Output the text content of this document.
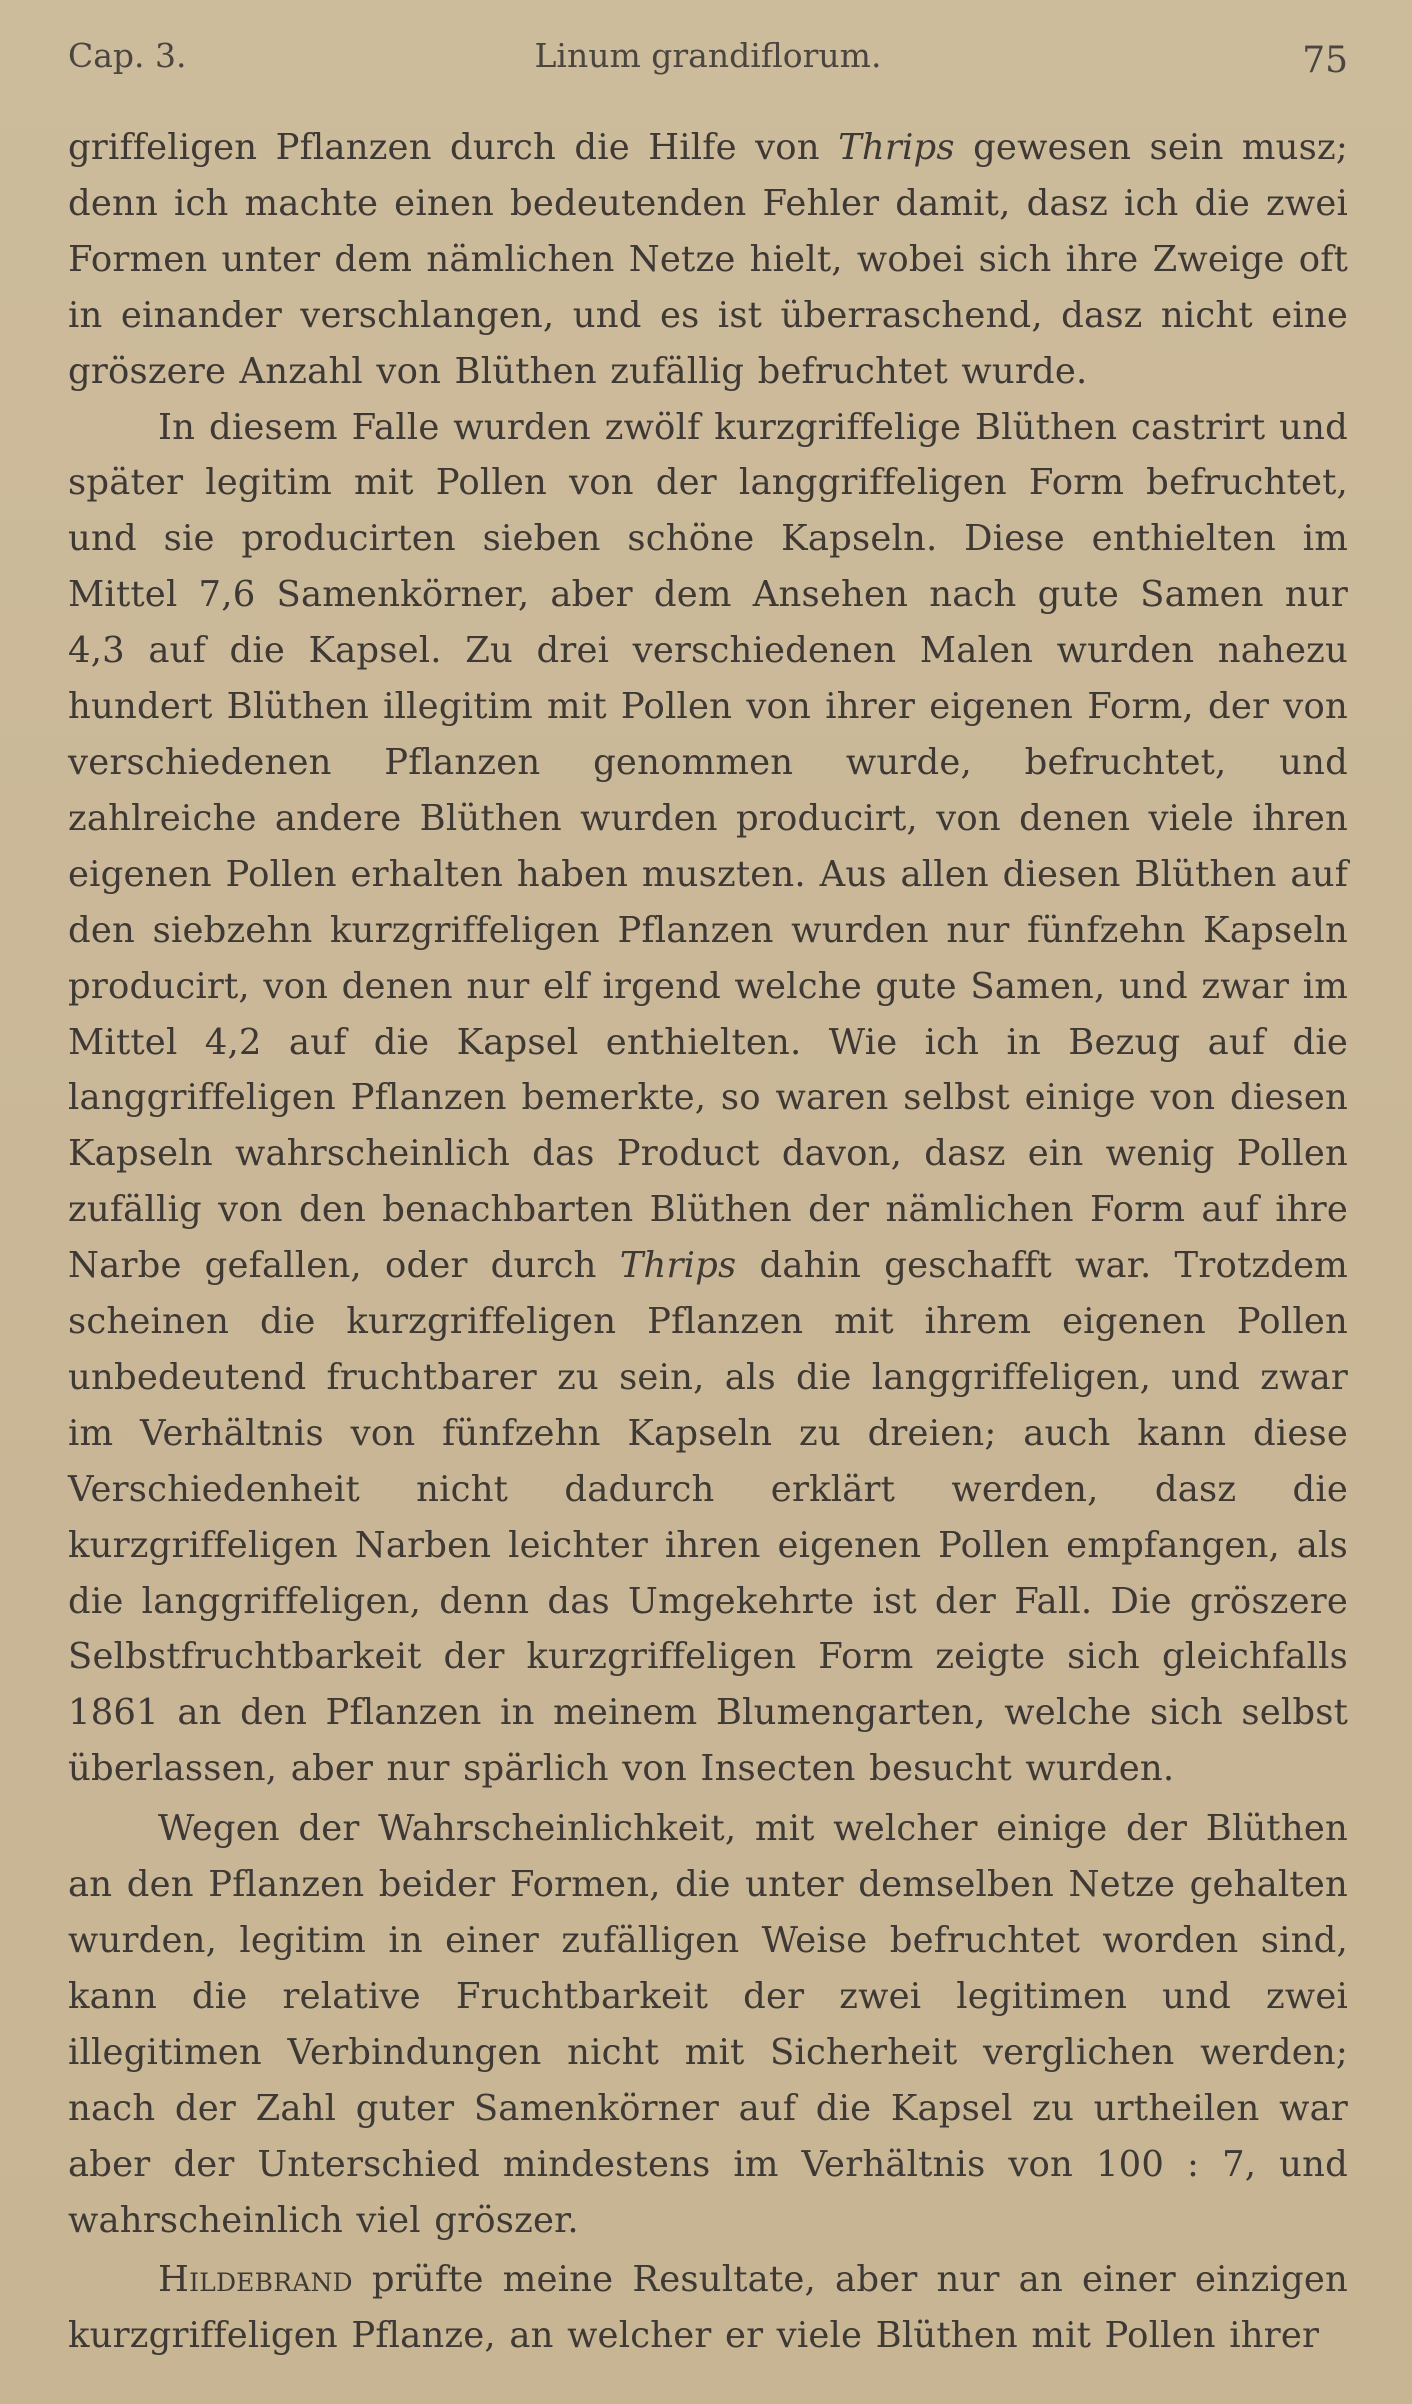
Cap. 3.	Linum grandiflorum.	75

griffeligen Pflanzen durch die Hilfe von Thrips gewesen sein musz; denn ich machte einen bedeutenden Fehler damit, dasz ich die zwei Formen unter dem nämlichen Netze hielt, wobei sich ihre Zweige oft in einander verschlangen, und es ist überraschend, dasz nicht eine gröszere Anzahl von Blüthen zufällig befruchtet wurde.

In diesem Falle wurden zwölf kurzgriffelige Blüthen castrirt und später legitim mit Pollen von der langgriffeligen Form befruchtet, und sie producirten sieben schöne Kapseln. Diese enthielten im Mittel 7,6 Samenkörner, aber dem Ansehen nach gute Samen nur 4,3 auf die Kapsel. Zu drei verschiedenen Malen wurden nahezu hundert Blüthen illegitim mit Pollen von ihrer eigenen Form, der von verschiedenen Pflanzen genommen wurde, befruchtet, und zahlreiche andere Blüthen wurden producirt, von denen viele ihren eigenen Pollen erhalten haben muszten. Aus allen diesen Blüthen auf den siebzehn kurzgriffeligen Pflanzen wurden nur fünfzehn Kapseln producirt, von denen nur elf irgend welche gute Samen, und zwar im Mittel 4,2 auf die Kapsel enthielten. Wie ich in Bezug auf die langgriffeligen Pflanzen bemerkte, so waren selbst einige von diesen Kapseln wahrscheinlich das Product davon, dasz ein wenig Pollen zufällig von den benachbarten Blüthen der nämlichen Form auf ihre Narbe gefallen, oder durch Thrips dahin geschafft war. Trotzdem scheinen die kurzgriffeligen Pflanzen mit ihrem eigenen Pollen unbedeutend fruchtbarer zu sein, als die langgriffeligen, und zwar im Verhältnis von fünfzehn Kapseln zu dreien; auch kann diese Verschiedenheit nicht dadurch erklärt werden, dasz die kurzgriffeligen Narben leichter ihren eigenen Pollen empfangen, als die langgriffeligen, denn das Umgekehrte ist der Fall. Die gröszere Selbstfruchtbarkeit der kurzgriffeligen Form zeigte sich gleichfalls 1861 an den Pflanzen in meinem Blumengarten, welche sich selbst überlassen, aber nur spärlich von Insecten besucht wurden.

Wegen der Wahrscheinlichkeit, mit welcher einige der Blüthen an den Pflanzen beider Formen, die unter demselben Netze gehalten wurden, legitim in einer zufälligen Weise befruchtet worden sind, kann die relative Fruchtbarkeit der zwei legitimen und zwei illegitimen Verbindungen nicht mit Sicherheit verglichen werden; nach der Zahl guter Samenkörner auf die Kapsel zu urtheilen war aber der Unterschied mindestens im Verhältnis von 100 : 7, und wahrscheinlich viel gröszer.

Hildebrand prüfte meine Resultate, aber nur an einer einzigen kurzgriffeligen Pflanze, an welcher er viele Blüthen mit Pollen ihrer
